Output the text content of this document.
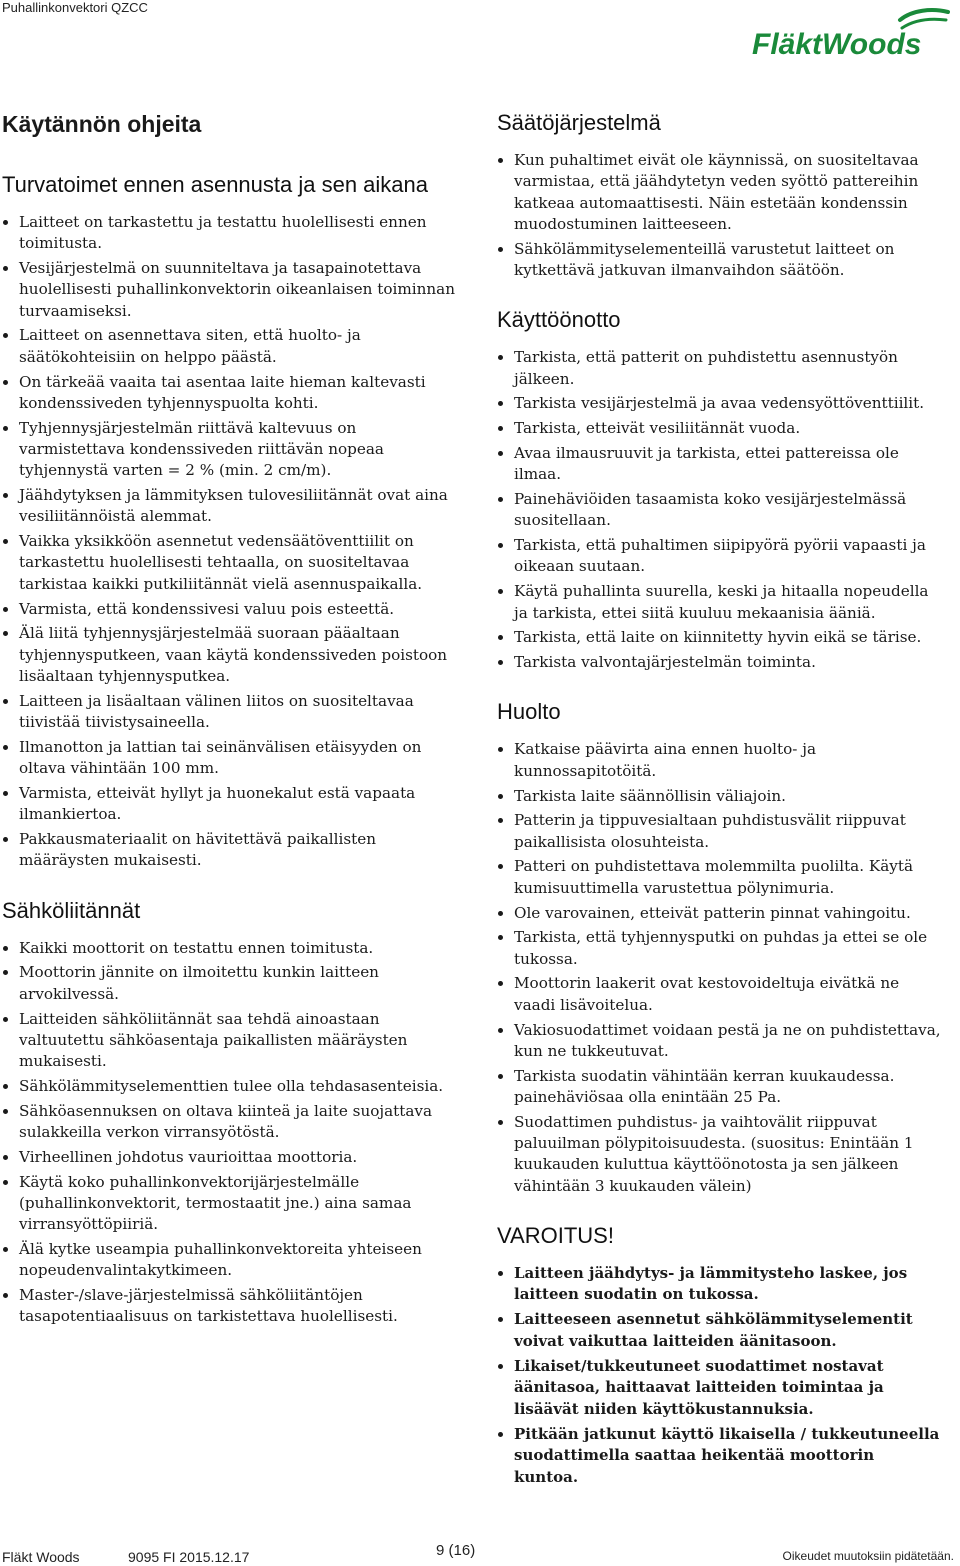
Puhallinkonvektori QZCC
FläktWoods
Käytännön ohjeita
Turvatoimet ennen asennusta ja sen aikana
Laitteet on tarkastettu ja testattu huolellisesti ennen toimitusta.
Vesijärjestelmä on suunniteltava ja tasapainotettava huolellisesti puhallinkonvektorin oikeanlaisen toiminnan turvaamiseksi.
Laitteet on asennettava siten, että huolto- ja säätökohteisiin on helppo päästä.
On tärkeää vaaita tai asentaa laite hieman kaltevasti kondenssiveden tyhjennyspuolta kohti.
Tyhjennysjärjestelmän riittävä kaltevuus on varmistettava kondenssiveden riittävän nopeaa tyhjennystä varten = 2 % (min. 2 cm/m).
Jäähdytyksen ja lämmityksen tulovesiliitännät ovat aina vesiliitännöistä alemmat.
Vaikka yksikköön asennetut vedensäätöventtiilit on tarkastettu huolellisesti tehtaalla, on suositeltavaa tarkistaa kaikki putkiliitännät vielä asennuspaikalla.
Varmista, että kondenssivesi valuu pois esteettä.
Älä liitä tyhjennysjärjestelmää suoraan pääaltaan tyhjennysputkeen, vaan käytä kondenssiveden poistoon lisäaltaan tyhjennysputkea.
Laitteen ja lisäaltaan välinen liitos on suositeltavaa tiivistää tiivistysaineella.
Ilmanotton ja lattian tai seinänvälisen etäisyyden on oltava vähintään 100 mm.
Varmista, etteivät hyllyt ja huonekalut estä vapaata ilmankiertoa.
Pakkausmateriaalit on hävitettävä paikallisten määräysten mukaisesti.
Sähköliitännät
Kaikki moottorit on testattu ennen toimitusta.
Moottorin jännite on ilmoitettu kunkin laitteen arvokilvessä.
Laitteiden sähköliitännät saa tehdä ainoastaan valtuutettu sähköasentaja paikallisten määräysten mukaisesti.
Sähkölämmityselementtien tulee olla tehdasasenteisia.
Sähköasennuksen on oltava kiinteä ja laite suojattava sulakkeilla verkon virransyötöstä.
Virheellinen johdotus vaurioittaa moottoria.
Käytä koko puhallinkonvektorijärjestelmälle (puhallinkonvektorit, termostaatit jne.) aina samaa virransyöttöpiiriä.
Älä kytke useampia puhallinkonvektoreita yhteiseen nopeudenvalintakytkimeen.
Master-/slave-järjestelmissä sähköliitäntöjen tasapotentiaalisuus on tarkistettava huolellisesti.
Säätöjärjestelmä
Kun puhaltimet eivät ole käynnissä, on suositeltavaa varmistaa, että jäähdytetyn veden syöttö pattereihin katkeaa automaattisesti. Näin estetään kondenssin muodostuminen laitteeseen.
Sähkölämmityselementeillä varustetut laitteet on kytkettävä jatkuvan ilmanvaihdon säätöön.
Käyttöönotto
Tarkista, että patterit on puhdistettu asennustyön jälkeen.
Tarkista vesijärjestelmä ja avaa vedensyöttöventtiilit.
Tarkista, etteivät vesiliitännät vuoda.
Avaa ilmausruuvit ja tarkista, ettei pattereissa ole ilmaa.
Painehäviöiden tasaamista koko vesijärjestelmässä suositellaan.
Tarkista, että puhaltimen siipipyörä pyörii vapaasti ja oikeaan suutaan.
Käytä puhallinta suurella, keski ja hitaalla nopeudella ja tarkista, ettei siitä kuuluu mekaanisia ääniä.
Tarkista, että laite on kiinnitetty hyvin eikä se tärise.
Tarkista valvontajärjestelmän toiminta.
Huolto
Katkaise päävirta aina ennen huolto- ja kunnossapitotöitä.
Tarkista laite säännöllisin väliajoin.
Patterin ja tippuvesialtaan puhdistusvälit riippuvat paikallisista olosuhteista.
Patteri on puhdistettava molemmilta puolilta. Käytä kumisuuttimella varustettua pölynimuria.
Ole varovainen, etteivät patterin pinnat vahingoitu.
Tarkista, että tyhjennysputki on puhdas ja ettei se ole tukossa.
Moottorin laakerit ovat kestovoideltuja eivätkä ne vaadi lisävoitelua.
Vakiosuodattimet voidaan pestä ja ne on puhdistettava, kun ne tukkeutuvat.
Tarkista suodatin vähintään kerran kuukaudessa. painehäviösaa olla enintään 25 Pa.
Suodattimen puhdistus- ja vaihtovälit riippuvat paluuilman pölypitoisuudesta. (suositus: Enintään 1 kuukauden kuluttua käyttöönotosta ja sen jälkeen vähintään 3 kuukauden välein)
VAROITUS!
Laitteen jäähdytys- ja lämmitysteho laskee, jos laitteen suodatin on tukossa.
Laitteeseen asennetut sähkölämmityselementit voivat vaikuttaa laitteiden äänitasoon.
Likaiset/tukkeutuneet suodattimet nostavat äänitasoa, haittaavat laitteiden toimintaa ja lisäävät niiden käyttökustannuksia.
Pitkään jatkunut käyttö likaisella / tukkeutuneella suodattimella saattaa heikentää moottorin kuntoa.
Fläkt Woods	9095 FI 2015.12.17	9 (16)	Oikeudet muutoksiin pidätetään.
